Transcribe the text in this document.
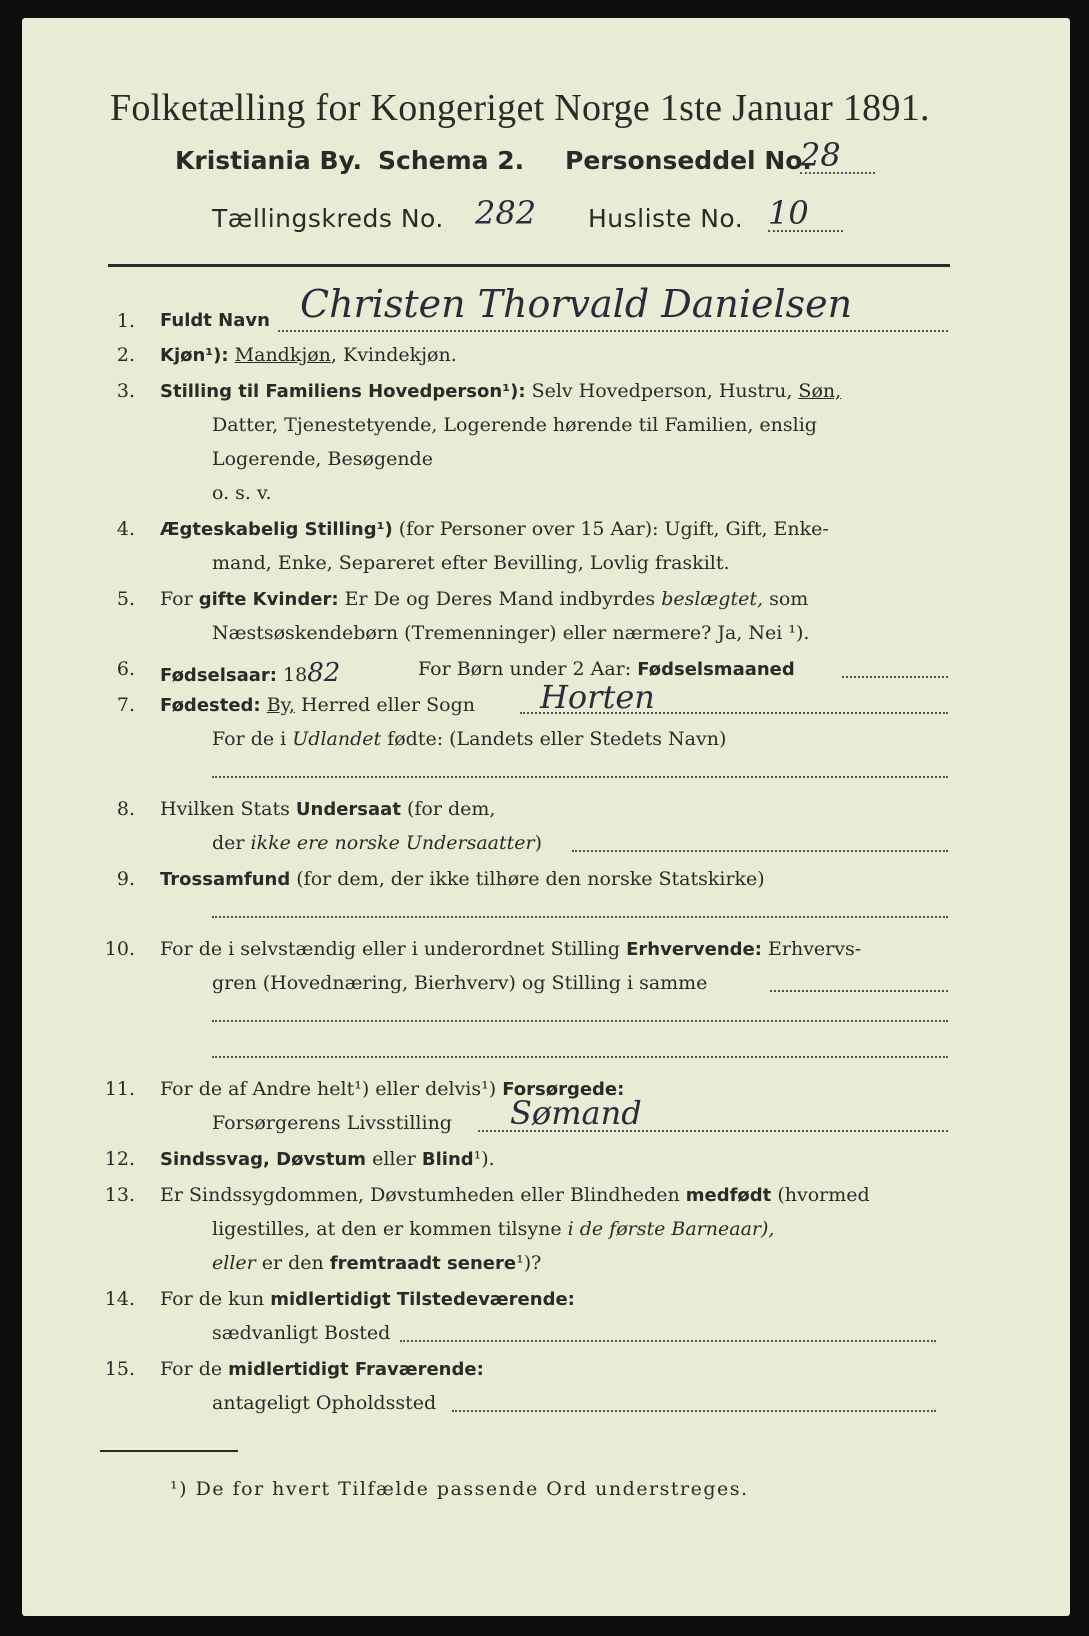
Folketælling for Kongeriget Norge 1ste Januar 1891.
Kristiania By. Schema 2. Personseddel No.
28
Tællingskreds No. 282 Husliste No. 10
1. Fuldt Navn Christen Thorvald Danielsen
2. Kjøn¹): Mandkjøn, Kvindekjøn.
3. Stilling til Familiens Hovedperson¹): Selv Hovedperson, Hustru, Søn,
Datter, Tjenestetyende, Logerende hørende til Familien, enslig
Logerende, Besøgende
o. s. v.
4. Ægteskabelig Stilling¹) (for Personer over 15 Aar): Ugift, Gift, Enke-
mand, Enke, Separeret efter Bevilling, Lovlig fraskilt.
5. For gifte Kvinder: Er De og Deres Mand indbyrdes beslægtet, som
Næstsøskendebørn (Tremenninger) eller nærmere? Ja, Nei ¹).
6. Fødselsaar: 1882	For Børn under 2 Aar: Fødselsmaaned
7. Fødested: By, Herred eller Sogn Horten
For de i Udlandet fødte: (Landets eller Stedets Navn)
8. Hvilken Stats Undersaat (for dem,
der ikke ere norske Undersaatter)
9. Trossamfund (for dem, der ikke tilhøre den norske Statskirke)
10. For de i selvstændig eller i underordnet Stilling Erhvervende: Erhvervs-
gren (Hovednæring, Bierhverv) og Stilling i samme
11. For de af Andre helt¹) eller delvis¹) Forsørgede:
Forsørgerens Livsstilling Sømand
12. Sindssvag, Døvstum eller Blind¹).
13. Er Sindssygdommen, Døvstumheden eller Blindheden medfødt (hvormed
ligestilles, at den er kommen tilsyne i de første Barneaar),
eller er den fremtraadt senere¹)?
14. For de kun midlertidigt Tilstedeværende:
sædvanligt Bosted
15. For de midlertidigt Fraværende:
antageligt Opholdssted
¹) De for hvert Tilfælde passende Ord understreges.
